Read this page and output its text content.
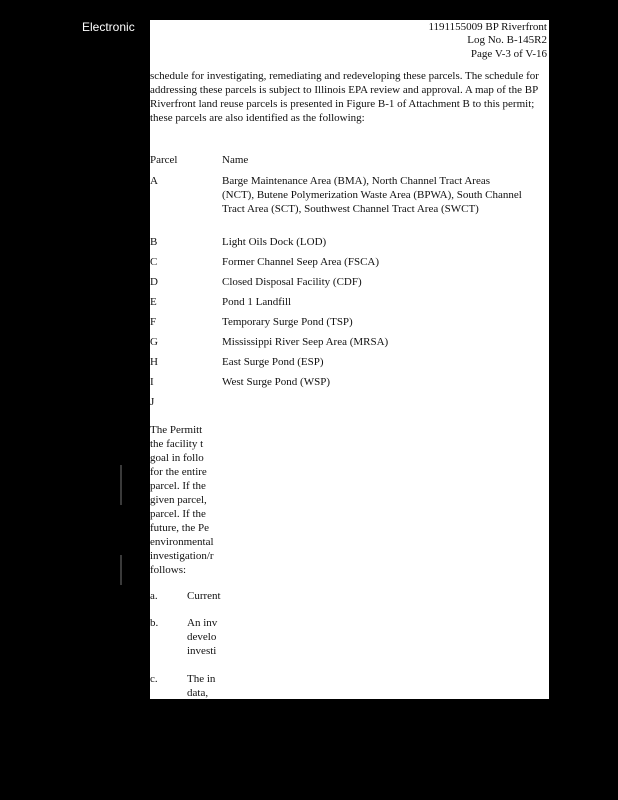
Electronic	1191155009 BP Riverfront
Log No. B-145R2
Page V-3 of V-16
schedule for investigating, remediating and redeveloping these parcels. The schedule for addressing these parcels is subject to Illinois EPA review and approval. A map of the BP Riverfront land reuse parcels is presented in Figure B-1 of Attachment B to this permit; these parcels are also identified as the following:
Parcel	Name
A	Barge Maintenance Area (BMA), North Channel Tract Areas (NCT), Butene Polymerization Waste Area (BPWA), South Channel Tract Area (SCT), Southwest Channel Tract Area (SWCT)
B	Light Oils Dock (LOD)
C	Former Channel Seep Area (FSCA)
D	Closed Disposal Facility (CDF)
E	Pond 1 Landfill
F	Temporary Surge Pond (TSP)
G	Mississippi River Seep Area (MRSA)
H	East Surge Pond (ESP)
I	West Surge Pond (WSP)
J
The Permitt
the facility t
goal in follo
for the entire
parcel. If the
given parcel,
parcel. If the
future, the Pe
environmental
investigation/r
follows:
a.	Current
b.	An inv
develo
investi
c.	The in
data,
